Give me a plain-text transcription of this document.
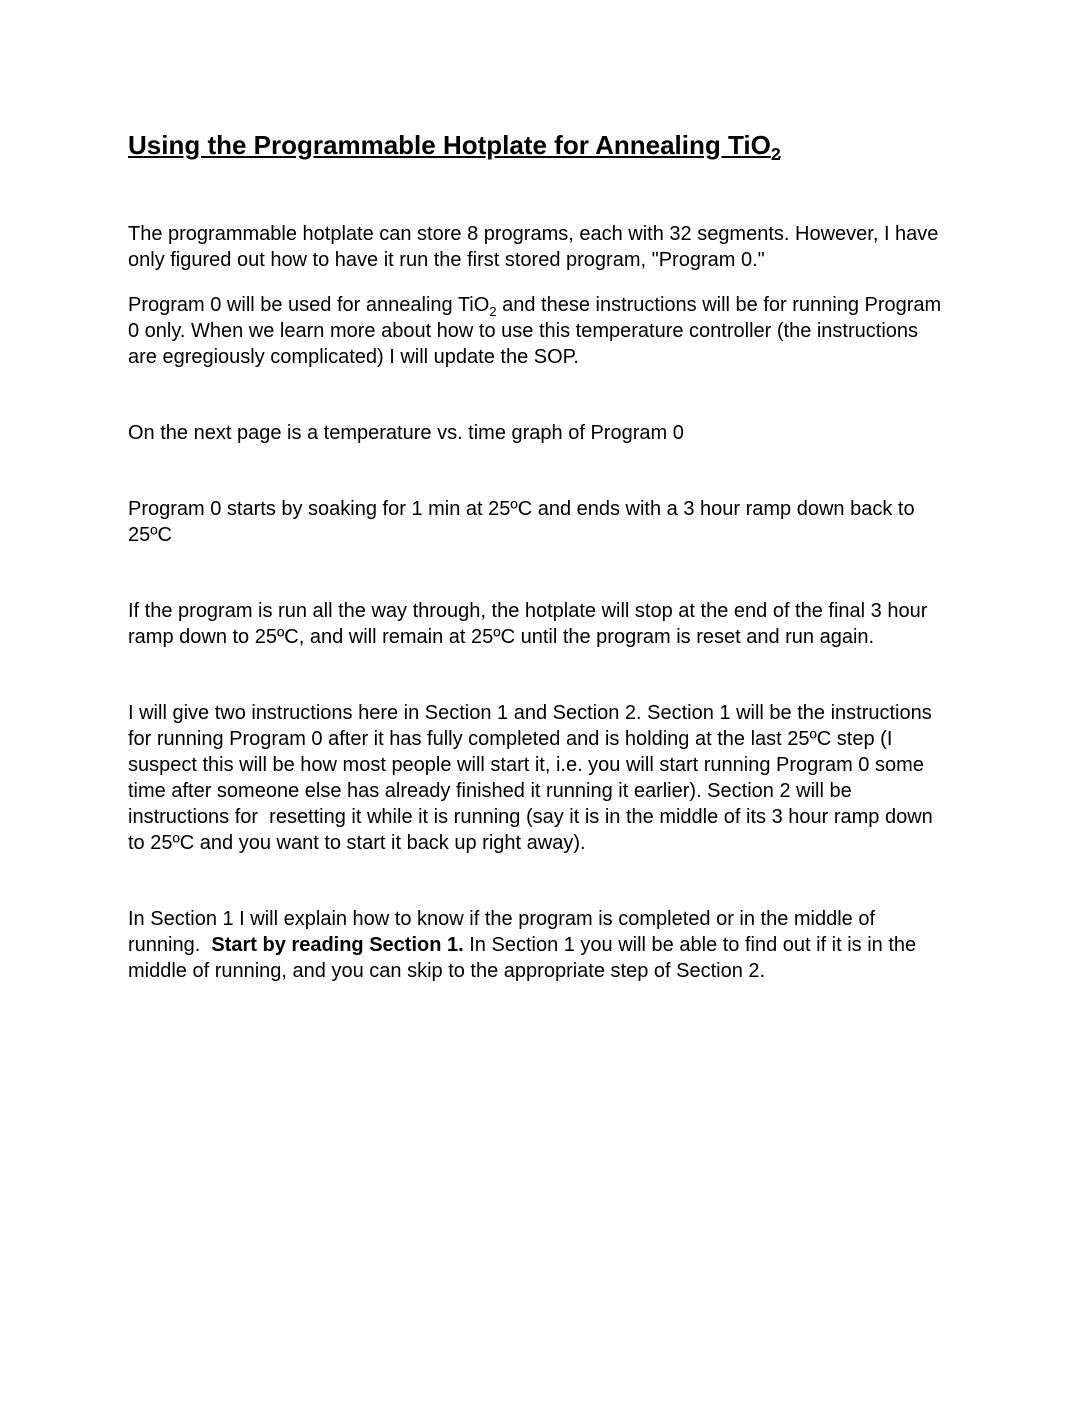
Using the Programmable Hotplate for Annealing TiO$_2$

The programmable hotplate can store 8 programs, each with 32 segments. However, I have only figured out how to have it run the first stored program, "Program 0."

Program 0 will be used for annealing TiO$_2$ and these instructions will be for running Program 0 only. When we learn more about how to use this temperature controller (the instructions are egregiously complicated) I will update the SOP.

On the next page is a temperature vs. time graph of Program 0

Program 0 starts by soaking for 1 min at 25ºC and ends with a 3 hour ramp down back to 25ºC

If the program is run all the way through, the hotplate will stop at the end of the final 3 hour ramp down to 25ºC, and will remain at 25ºC until the program is reset and run again.

I will give two instructions here in Section 1 and Section 2. Section 1 will be the instructions for running Program 0 after it has fully completed and is holding at the last 25ºC step (I suspect this will be how most people will start it, i.e. you will start running Program 0 some time after someone else has already finished it running it earlier). Section 2 will be instructions for  resetting it while it is running (say it is in the middle of its 3 hour ramp down to 25ºC and you want to start it back up right away).

In Section 1 I will explain how to know if the program is completed or in the middle of running.  Start by reading Section 1. In Section 1 you will be able to find out if it is in the middle of running, and you can skip to the appropriate step of Section 2.
